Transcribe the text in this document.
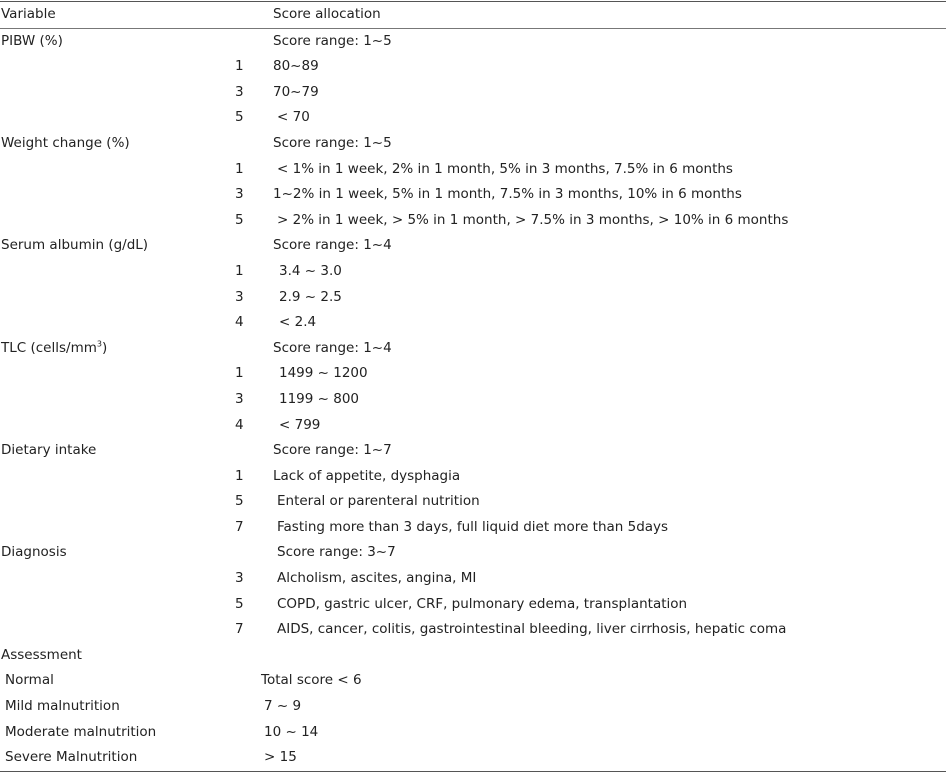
Variable	Score allocation
PIBW (%)	Score range: 1~5
1 80~89
3 70~79
5 < 70
Weight change (%)	Score range: 1~5
1 < 1% in 1 week, 2% in 1 month, 5% in 3 months, 7.5% in 6 months
3 1~2% in 1 week, 5% in 1 month, 7.5% in 3 months, 10% in 6 months
5 > 2% in 1 week, > 5% in 1 month, > 7.5% in 3 months, > 10% in 6 months
Serum albumin (g/dL)	Score range: 1~4
1	3.4 ~ 3.0
3	2.9 ~ 2.5
4	< 2.4
TLC $(cells/mm^3)$	Score range: 1~4
1	1499 ~ 1200
3	1199 ~ 800
4	< 799
Dietary intake	Score range: 1~7
1 Lack of appetite, dysphagia
5 Enteral or parenteral nutrition
7 Fasting more than 3 days, full liquid diet more than 5days
Diagnosis	Score range: 3~7
3 Alcholism, ascites, angina, MI
5 COPD, gastric ulcer, CRF, pulmonary edema, transplantation
7 AIDS, cancer, colitis, gastrointestinal bleeding, liver cirrhosis, hepatic coma
Assessment
Normal	Total score < 6
Mild malnutrition	7 ~ 9
Moderate malnutrition	10 ~ 14
Severe Malnutrition	> 15
